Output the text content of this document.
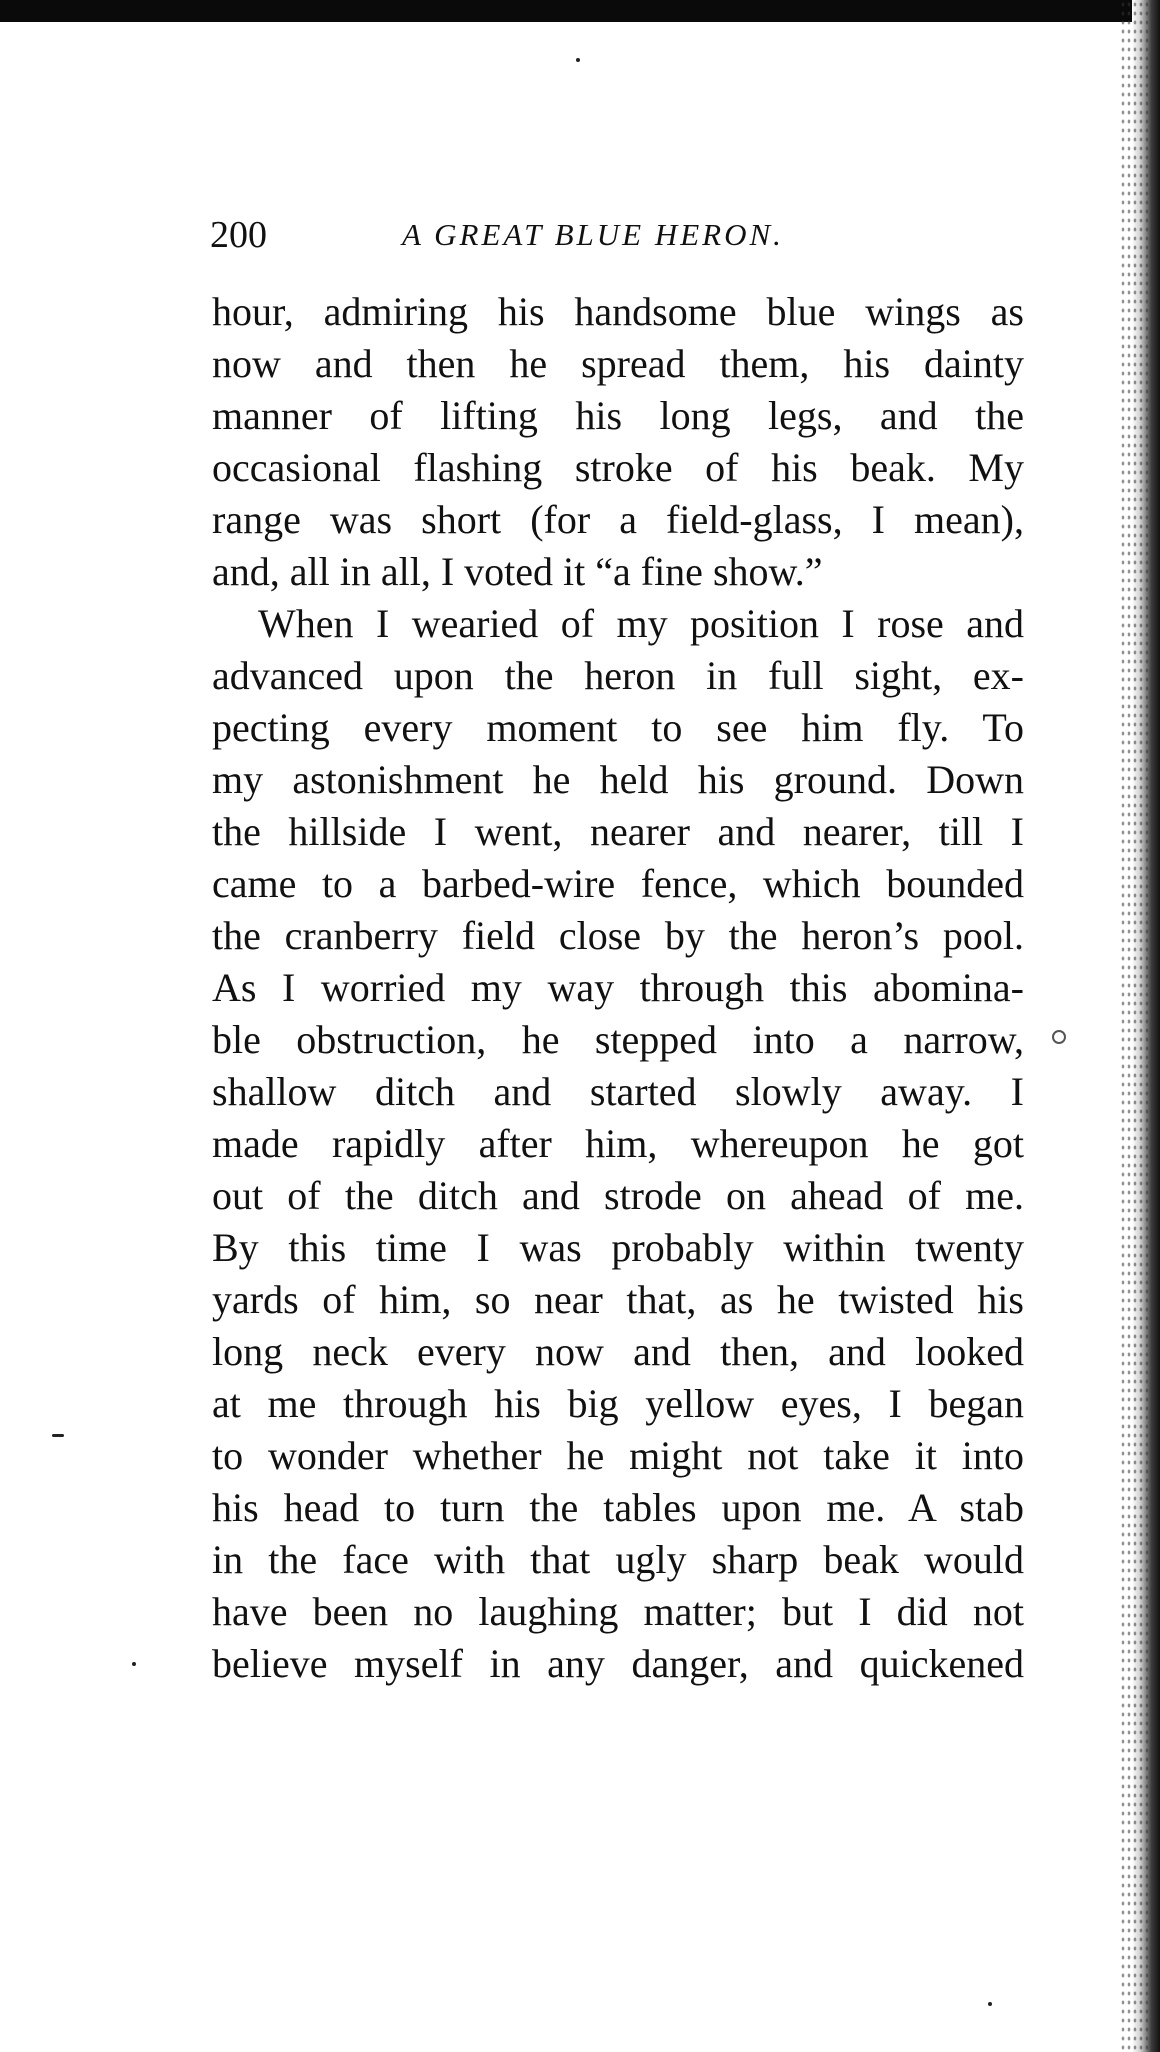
200	A GREAT BLUE HERON.
hour, admiring his handsome blue wings as
now and then he spread them, his dainty
manner of lifting his long legs, and the
occasional flashing stroke of his beak. My
range was short (for a field-glass, I mean),
and, all in all, I voted it “a fine show.”
When I wearied of my position I rose and
advanced upon the heron in full sight, ex-
pecting every moment to see him fly. To
my astonishment he held his ground. Down
the hillside I went, nearer and nearer, till I
came to a barbed-wire fence, which bounded
the cranberry field close by the heron’s pool.
As I worried my way through this abomina-
ble obstruction, he stepped into a narrow,
shallow ditch and started slowly away. I
made rapidly after him, whereupon he got
out of the ditch and strode on ahead of me.
By this time I was probably within twenty
yards of him, so near that, as he twisted his
long neck every now and then, and looked
at me through his big yellow eyes, I began
to wonder whether he might not take it into
his head to turn the tables upon me. A stab
in the face with that ugly sharp beak would
have been no laughing matter; but I did not
believe myself in any danger, and quickened
